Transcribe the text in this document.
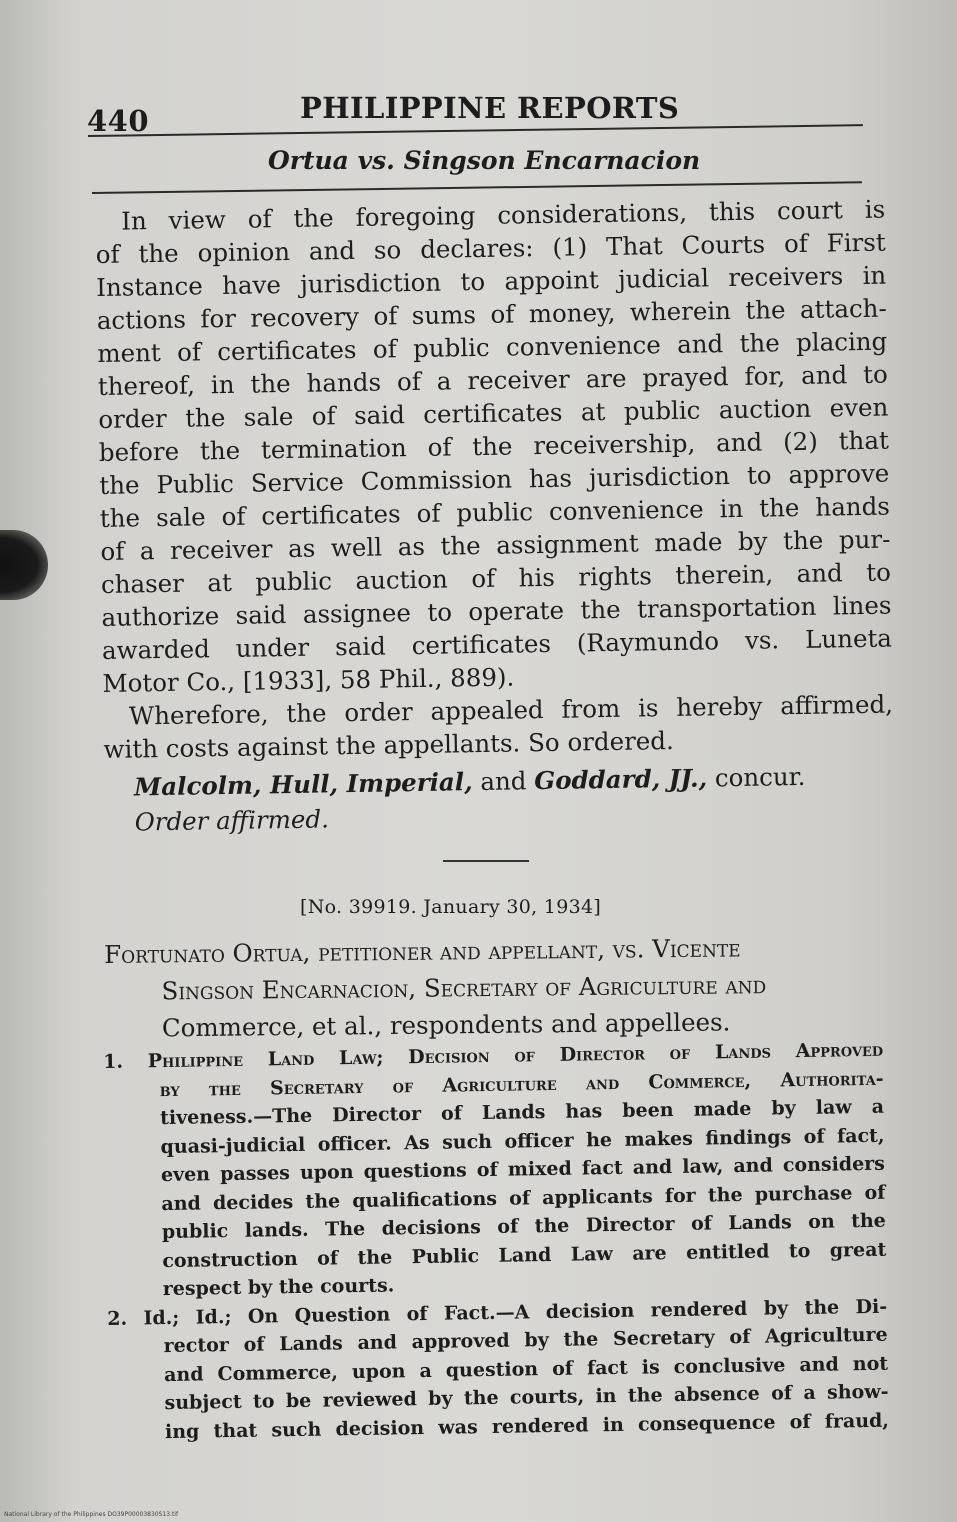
440	PHILIPPINE REPORTS
Ortua vs. Singson Encarnacion
In view of the foregoing considerations, this court is
of the opinion and so declares: (1) That Courts of First
Instance have jurisdiction to appoint judicial receivers in
actions for recovery of sums of money, wherein the attach-
ment of certificates of public convenience and the placing
thereof, in the hands of a receiver are prayed for, and to
order the sale of said certificates at public auction even
before the termination of the receivership, and (2) that
the Public Service Commission has jurisdiction to approve
the sale of certificates of public convenience in the hands
of a receiver as well as the assignment made by the pur-
chaser at public auction of his rights therein, and to
authorize said assignee to operate the transportation lines
awarded under said certificates (Raymundo vs. Luneta
Motor Co., [1933], 58 Phil., 889).
Wherefore, the order appealed from is hereby affirmed,
with costs against the appellants. So ordered.
Malcolm, Hull, Imperial, and Goddard, JJ., concur.
Order affirmed.
[No. 39919. January 30, 1934]
Fortunato Ortua, petitioner and appellant, vs. Vicente
Singson Encarnacion, Secretary of Agriculture and
Commerce, et al., respondents and appellees.
1. Philippine Land Law; Decision of Director of Lands Approved
by the Secretary of Agriculture and Commerce, Authorita-
tiveness.—The Director of Lands has been made by law a
quasi-judicial officer. As such officer he makes findings of fact,
even passes upon questions of mixed fact and law, and considers
and decides the qualifications of applicants for the purchase of
public lands. The decisions of the Director of Lands on the
construction of the Public Land Law are entitled to great
respect by the courts.
2. Id.; Id.; On Question of Fact.—A decision rendered by the Di-
rector of Lands and approved by the Secretary of Agriculture
and Commerce, upon a question of fact is conclusive and not
subject to be reviewed by the courts, in the absence of a show-
ing that such decision was rendered in consequence of fraud,
National Library of the Philippines DO39P00003830S13.tif
